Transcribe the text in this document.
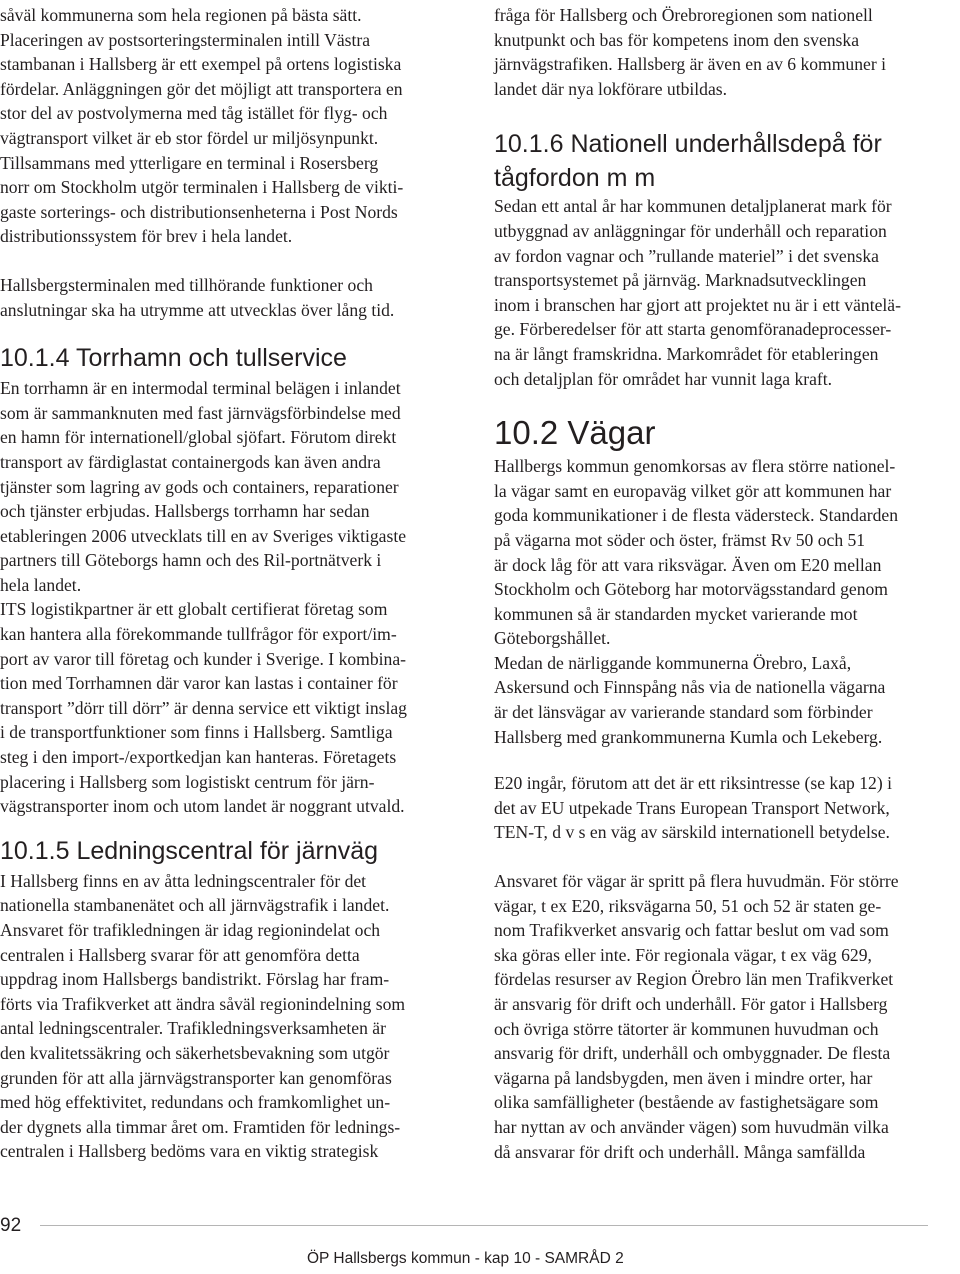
såväl kommunerna som hela regionen på bästa sätt.
Placeringen av postsorteringsterminalen intill Västra
stambanan i Hallsberg är ett exempel på ortens logistiska
fördelar. Anläggningen gör det möjligt att transportera en
stor del av postvolymerna med tåg istället för flyg- och
vägtransport vilket är eb stor fördel ur miljösynpunkt.
Tillsammans med ytterligare en terminal i Rosersberg
norr om Stockholm utgör terminalen i Hallsberg de vikti-
gaste sorterings- och distributionsenheterna i Post Nords
distributionssystem för brev i hela landet.
Hallsbergsterminalen med tillhörande funktioner och
anslutningar ska ha utrymme att utvecklas över lång tid.
10.1.4 Torrhamn och tullservice
En torrhamn är en intermodal terminal belägen i inlandet
som är sammanknuten med fast järnvägsförbindelse med
en hamn för internationell/global sjöfart. Förutom direkt
transport av färdiglastat containergods kan även andra
tjänster som lagring av gods och containers, reparationer
och tjänster erbjudas. Hallsbergs torrhamn har sedan
etableringen 2006 utvecklats till en av Sveriges viktigaste
partners till Göteborgs hamn och des Ril-portnätverk i
hela landet.
ITS logistikpartner är ett globalt certifierat företag som
kan hantera alla förekommande tullfrågor för export/im-
port av varor till företag och kunder i Sverige. I kombina-
tion med Torrhamnen där varor kan lastas i container för
transport ”dörr till dörr” är denna service ett viktigt inslag
i de transportfunktioner som finns i Hallsberg. Samtliga
steg i den import-/exportkedjan kan hanteras. Företagets
placering i Hallsberg som logistiskt centrum för järn-
vägstransporter inom och utom landet är noggrant utvald.
10.1.5 Ledningscentral för järnväg
I Hallsberg finns en av åtta ledningscentraler för det
nationella stambanenätet och all järnvägstrafik i landet.
Ansvaret för trafikledningen är idag regionindelat och
centralen i Hallsberg svarar för att genomföra detta
uppdrag inom Hallsbergs bandistrikt. Förslag har fram-
förts via Trafikverket att ändra såväl regionindelning som
antal ledningscentraler. Trafikledningsverksamheten är
den kvalitetssäkring och säkerhetsbevakning som utgör
grunden för att alla järnvägstransporter kan genomföras
med hög effektivitet, redundans och framkomlighet un-
der dygnets alla timmar året om. Framtiden för lednings-
centralen i Hallsberg bedöms vara en viktig strategisk
fråga för Hallsberg och Örebroregionen som nationell
knutpunkt och bas för kompetens inom den svenska
järnvägstrafiken. Hallsberg är även en av 6 kommuner i
landet där nya lokförare utbildas.
10.1.6 Nationell underhållsdepå för
tågfordon m m
Sedan ett antal år har kommunen detaljplanerat mark för
utbyggnad av anläggningar för underhåll och reparation
av fordon vagnar och ”rullande materiel” i det svenska
transportsystemet på järnväg. Marknadsutvecklingen
inom i branschen har gjort att projektet nu är i ett väntelä-
ge. Förberedelser för att starta genomföranadeprocesser-
na är långt framskridna. Markområdet för etableringen
och detaljplan för området har vunnit laga kraft.
10.2 Vägar
Hallbergs kommun genomkorsas av flera större nationel-
la vägar samt en europaväg vilket gör att kommunen har
goda kommunikationer i de flesta vädersteck. Standarden
på vägarna mot söder och öster, främst Rv 50 och 51
är dock låg för att vara riksvägar. Även om E20 mellan
Stockholm och Göteborg har motorvägsstandard genom
kommunen så är standarden mycket varierande mot
Göteborgshållet.
Medan de närliggande kommunerna Örebro, Laxå,
Askersund och Finnspång nås via de nationella vägarna
är det länsvägar av varierande standard som förbinder
Hallsberg med grankommunerna Kumla och Lekeberg.
E20 ingår, förutom att det är ett riksintresse (se kap 12) i
det av EU utpekade Trans European Transport Network,
TEN-T, d v s en väg av särskild internationell betydelse.
Ansvaret för vägar är spritt på flera huvudmän. För större
vägar, t ex E20, riksvägarna 50, 51 och 52 är staten ge-
nom Trafikverket ansvarig och fattar beslut om vad som
ska göras eller inte. För regionala vägar, t ex väg 629,
fördelas resurser av Region Örebro län men Trafikverket
är ansvarig för drift och underhåll. För gator i Hallsberg
och övriga större tätorter är kommunen huvudman och
ansvarig för drift, underhåll och ombyggnader. De flesta
vägarna på landsbygden, men även i mindre orter, har
olika samfälligheter (bestående av fastighetsägare som
har nyttan av och använder vägen) som huvudmän vilka
då ansvarar för drift och underhåll. Många samfällda
92
ÖP Hallsbergs kommun - kap 10 - SAMRÅD 2
